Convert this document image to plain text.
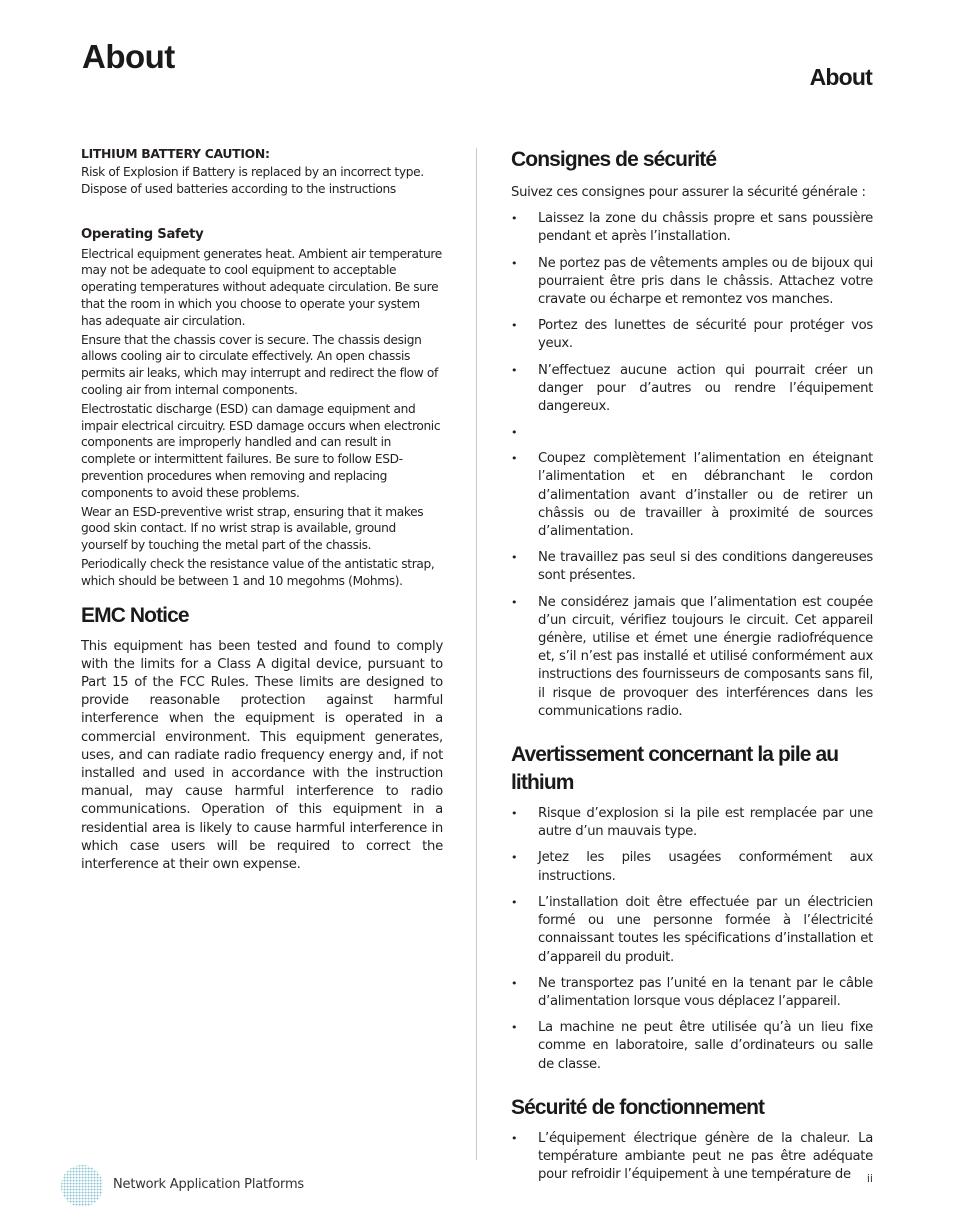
About
About
LITHIUM BATTERY CAUTION:

Risk of Explosion if Battery is replaced by an incorrect type.

Dispose of used batteries according to the instructions

Operating Safety

Electrical equipment generates heat. Ambient air temperature may not be adequate to cool equipment to acceptable operating temperatures without adequate circulation. Be sure that the room in which you choose to operate your system has adequate air circulation.

Ensure that the chassis cover is secure. The chassis design allows cooling air to circulate effectively. An open chassis permits air leaks, which may interrupt and redirect the flow of cooling air from internal components.

Electrostatic discharge (ESD) can damage equipment and impair electrical circuitry. ESD damage occurs when electronic components are improperly handled and can result in complete or intermittent failures. Be sure to follow ESD-prevention procedures when removing and replacing components to avoid these problems.

Wear an ESD-preventive wrist strap, ensuring that it makes good skin contact. If no wrist strap is available, ground yourself by touching the metal part of the chassis.

Periodically check the resistance value of the antistatic strap, which should be between 1 and 10 megohms (Mohms).

EMC Notice

This equipment has been tested and found to comply with the limits for a Class A digital device, pursuant to Part 15 of the FCC Rules. These limits are designed to provide reasonable protection against harmful interference when the equipment is operated in a commercial environment. This equipment generates, uses, and can radiate radio frequency energy and, if not installed and used in accordance with the instruction manual, may cause harmful interference to radio communications. Operation of this equipment in a residential area is likely to cause harmful interference in which case users will be required to correct the interference at their own expense.

Consignes de sécurité

Suivez ces consignes pour assurer la sécurité générale :

• Laissez la zone du châssis propre et sans poussière pendant et après l’installation.
• Ne portez pas de vêtements amples ou de bijoux qui pourraient être pris dans le châssis. Attachez votre cravate ou écharpe et remontez vos manches.
• Portez des lunettes de sécurité pour protéger vos yeux.
• N’effectuez aucune action qui pourrait créer un danger pour d’autres ou rendre l’équipement dangereux.
•
• Coupez complètement l’alimentation en éteignant l’alimentation et en débranchant le cordon d’alimentation avant d’installer ou de retirer un châssis ou de travailler à proximité de sources d’alimentation.
• Ne travaillez pas seul si des conditions dangereuses sont présentes.
• Ne considérez jamais que l’alimentation est coupée d’un circuit, vérifiez toujours le circuit. Cet appareil génère, utilise et émet une énergie radiofréquence et, s’il n’est pas installé et utilisé conformément aux instructions des fournisseurs de composants sans fil, il risque de provoquer des interférences dans les communications radio.
Avertissement concernant la pile au lithium
• Risque d’explosion si la pile est remplacée par une autre d’un mauvais type.
• Jetez les piles usagées conformément aux instructions.
• L’installation doit être effectuée par un électricien formé ou une personne formée à l’électricité connaissant toutes les spécifications d’installation et d’appareil du produit.
• Ne transportez pas l’unité en la tenant par le câble d’alimentation lorsque vous déplacez l’appareil.
• La machine ne peut être utilisée qu’à un lieu fixe comme en laboratoire, salle d’ordinateurs ou salle de classe.
Sécurité de fonctionnement
• L’équipement électrique génère de la chaleur. La température ambiante peut ne pas être adéquate pour refroidir l’équipement à une température de
Network Application Platforms	ii
